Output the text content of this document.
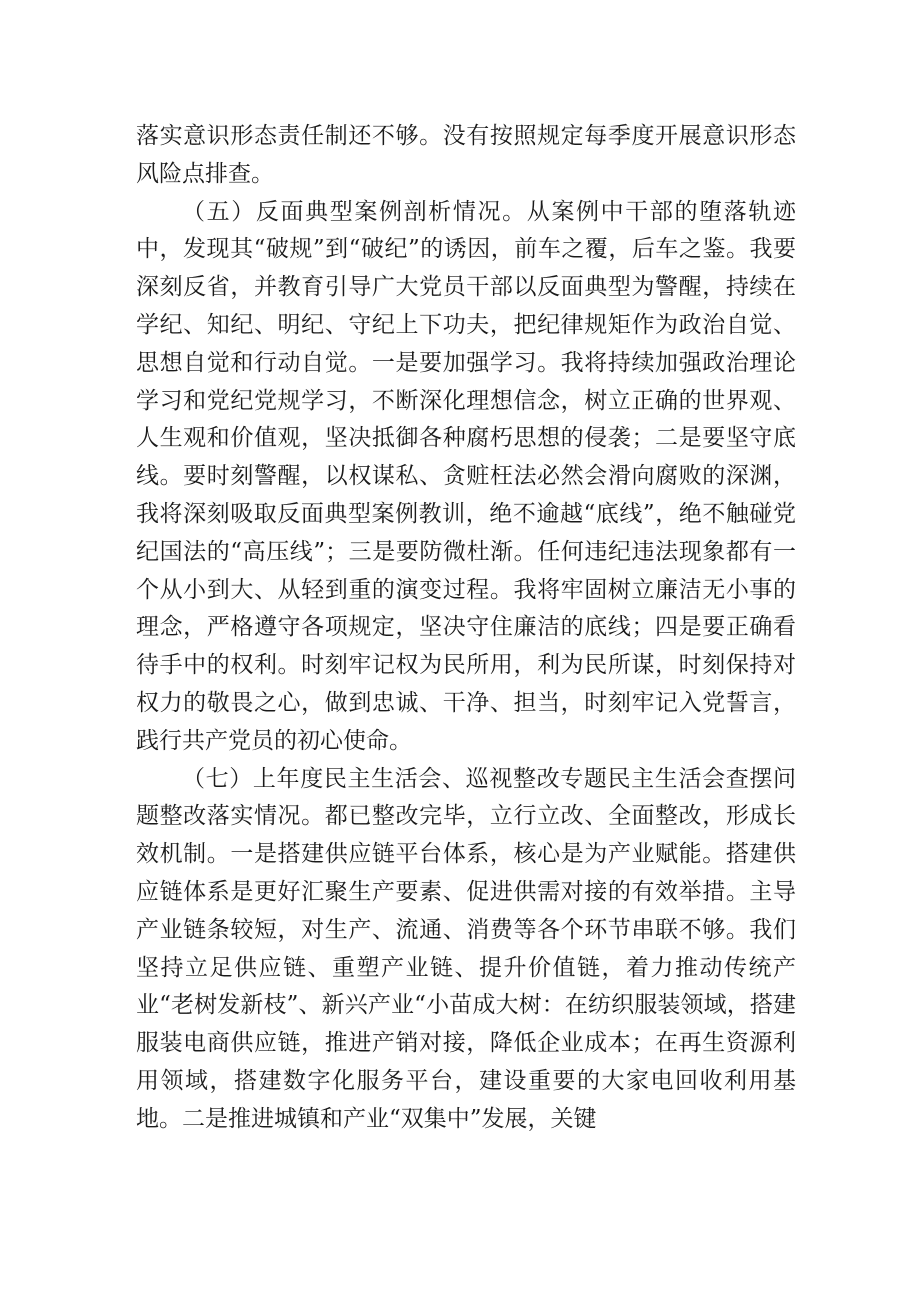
落实意识形态责任制还不够。没有按照规定每季度开展意识形态风险点排查。

（五）反面典型案例剖析情况。从案例中干部的堕落轨迹中，发现其“破规”到“破纪”的诱因，前车之覆，后车之鉴。我要深刻反省，并教育引导广大党员干部以反面典型为警醒，持续在学纪、知纪、明纪、守纪上下功夫，把纪律规矩作为政治自觉、思想自觉和行动自觉。一是要加强学习。我将持续加强政治理论学习和党纪党规学习，不断深化理想信念，树立正确的世界观、人生观和价值观，坚决抵御各种腐朽思想的侵袭；二是要坚守底线。要时刻警醒，以权谋私、贪赃枉法必然会滑向腐败的深渊，我将深刻吸取反面典型案例教训，绝不逾越“底线”，绝不触碰党纪国法的“高压线”；三是要防微杜渐。任何违纪违法现象都有一个从小到大、从轻到重的演变过程。我将牢固树立廉洁无小事的理念，严格遵守各项规定，坚决守住廉洁的底线；四是要正确看待手中的权利。时刻牢记权为民所用，利为民所谋，时刻保持对权力的敬畏之心，做到忠诚、干净、担当，时刻牢记入党誓言，践行共产党员的初心使命。

（七）上年度民主生活会、巡视整改专题民主生活会查摆问题整改落实情况。都已整改完毕，立行立改、全面整改，形成长效机制。一是搭建供应链平台体系，核心是为产业赋能。搭建供应链体系是更好汇聚生产要素、促进供需对接的有效举措。主导产业链条较短，对生产、流通、消费等各个环节串联不够。我们坚持立足供应链、重塑产业链、提升价值链，着力推动传统产业“老树发新枝”、新兴产业“小苗成大树：在纺织服装领域，搭建服装电商供应链，推进产销对接，降低企业成本；在再生资源利用领域，搭建数字化服务平台，建设重要的大家电回收利用基地。二是推进城镇和产业“双集中”发展，关键
